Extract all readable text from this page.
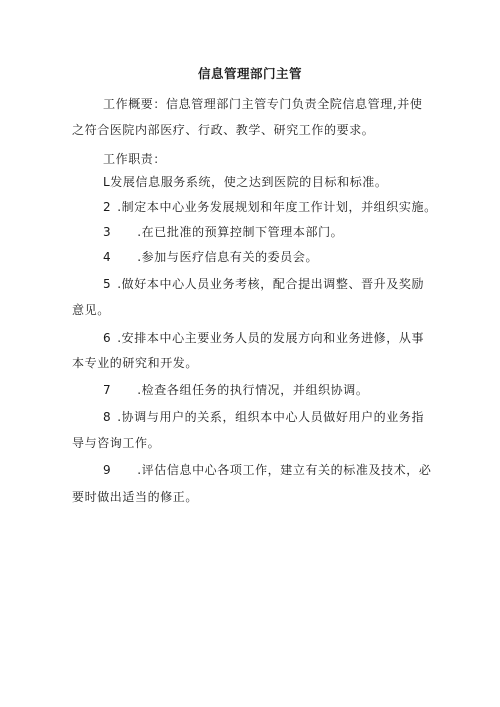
信息管理部门主管
工作概要：信息管理部门主管专门负责全院信息管理,并使
之符合医院内部医疗、行政、教学、研究工作的要求。
工作职责：
L发展信息服务系统，使之达到医院的目标和标准。
2 .制定本中心业务发展规划和年度工作计划，并组织实施。
3 .在已批准的预算控制下管理本部门。
4 .参加与医疗信息有关的委员会。
5 .做好本中心人员业务考核，配合提出调整、晋升及奖励
意见。
6 .安排本中心主要业务人员的发展方向和业务进修，从事
本专业的研究和开发。
7 .检查各组任务的执行情况，并组织协调。
8 .协调与用户的关系，组织本中心人员做好用户的业务指
导与咨询工作。
9 .评估信息中心各项工作，建立有关的标准及技术，必
要时做出适当的修正。
